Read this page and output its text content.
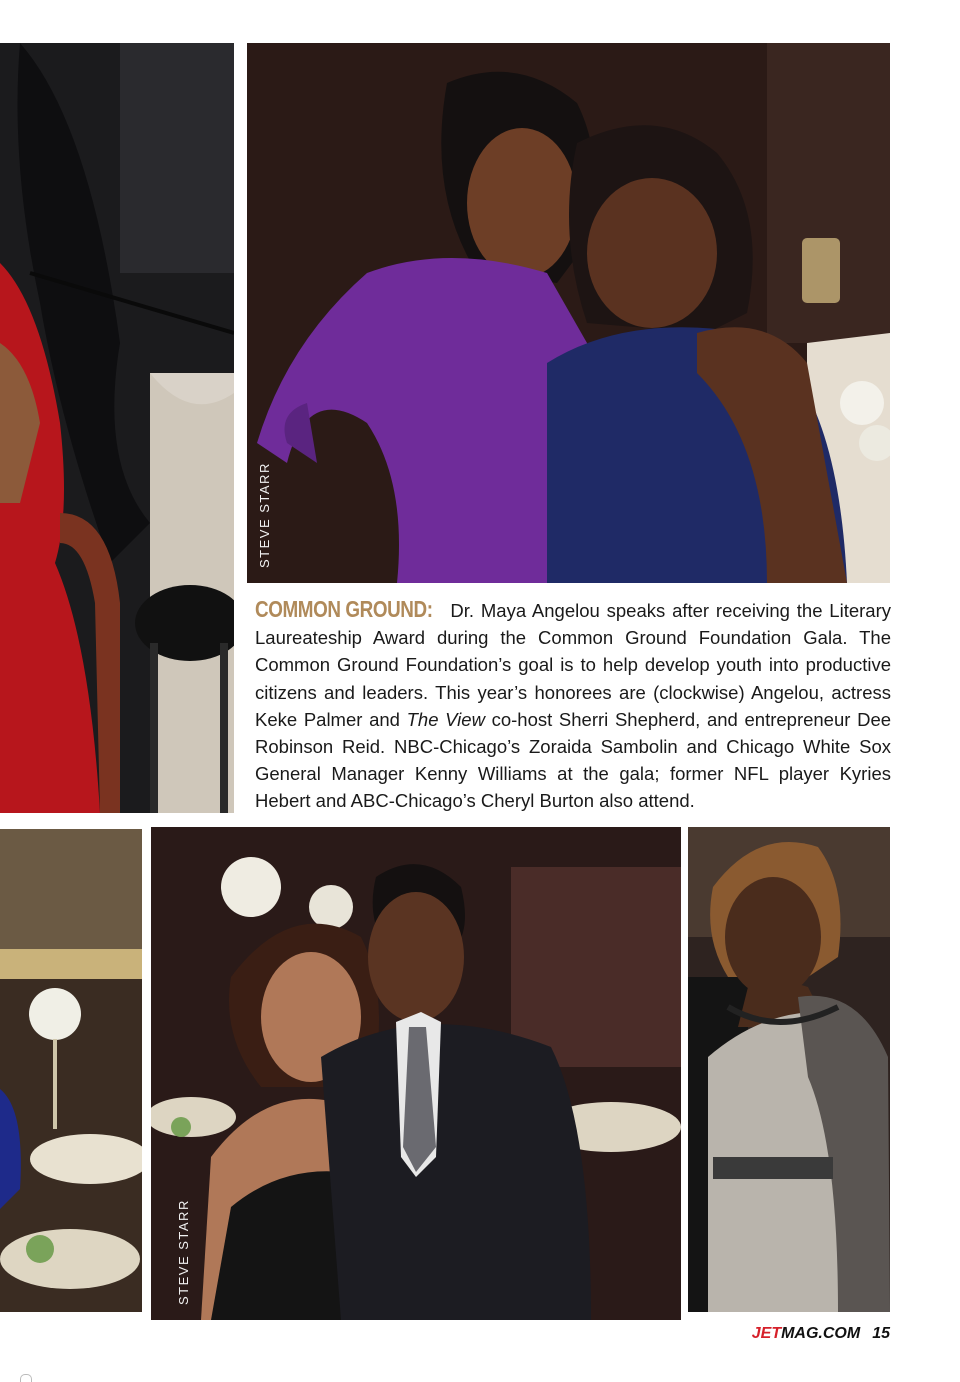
STEVE STARR

COMMON GROUND: Dr. Maya Angelou speaks after receiving the Literary Laureateship Award during the Common Ground Foundation Gala. The Common Ground Foundation’s goal is to help develop youth into productive citizens and leaders. This year’s honorees are (clockwise) Angelou, actress Keke Palmer and The View co-host Sherri Shepherd, and entrepreneur Dee Robinson Reid. NBC-Chicago’s Zoraida Sambolin and Chicago White Sox General Manager Kenny Williams at the gala; former NFL player Kyries Hebert and ABC-Chicago’s Cheryl Burton also attend.

STEVE STARR
JETMAG.COM 15
